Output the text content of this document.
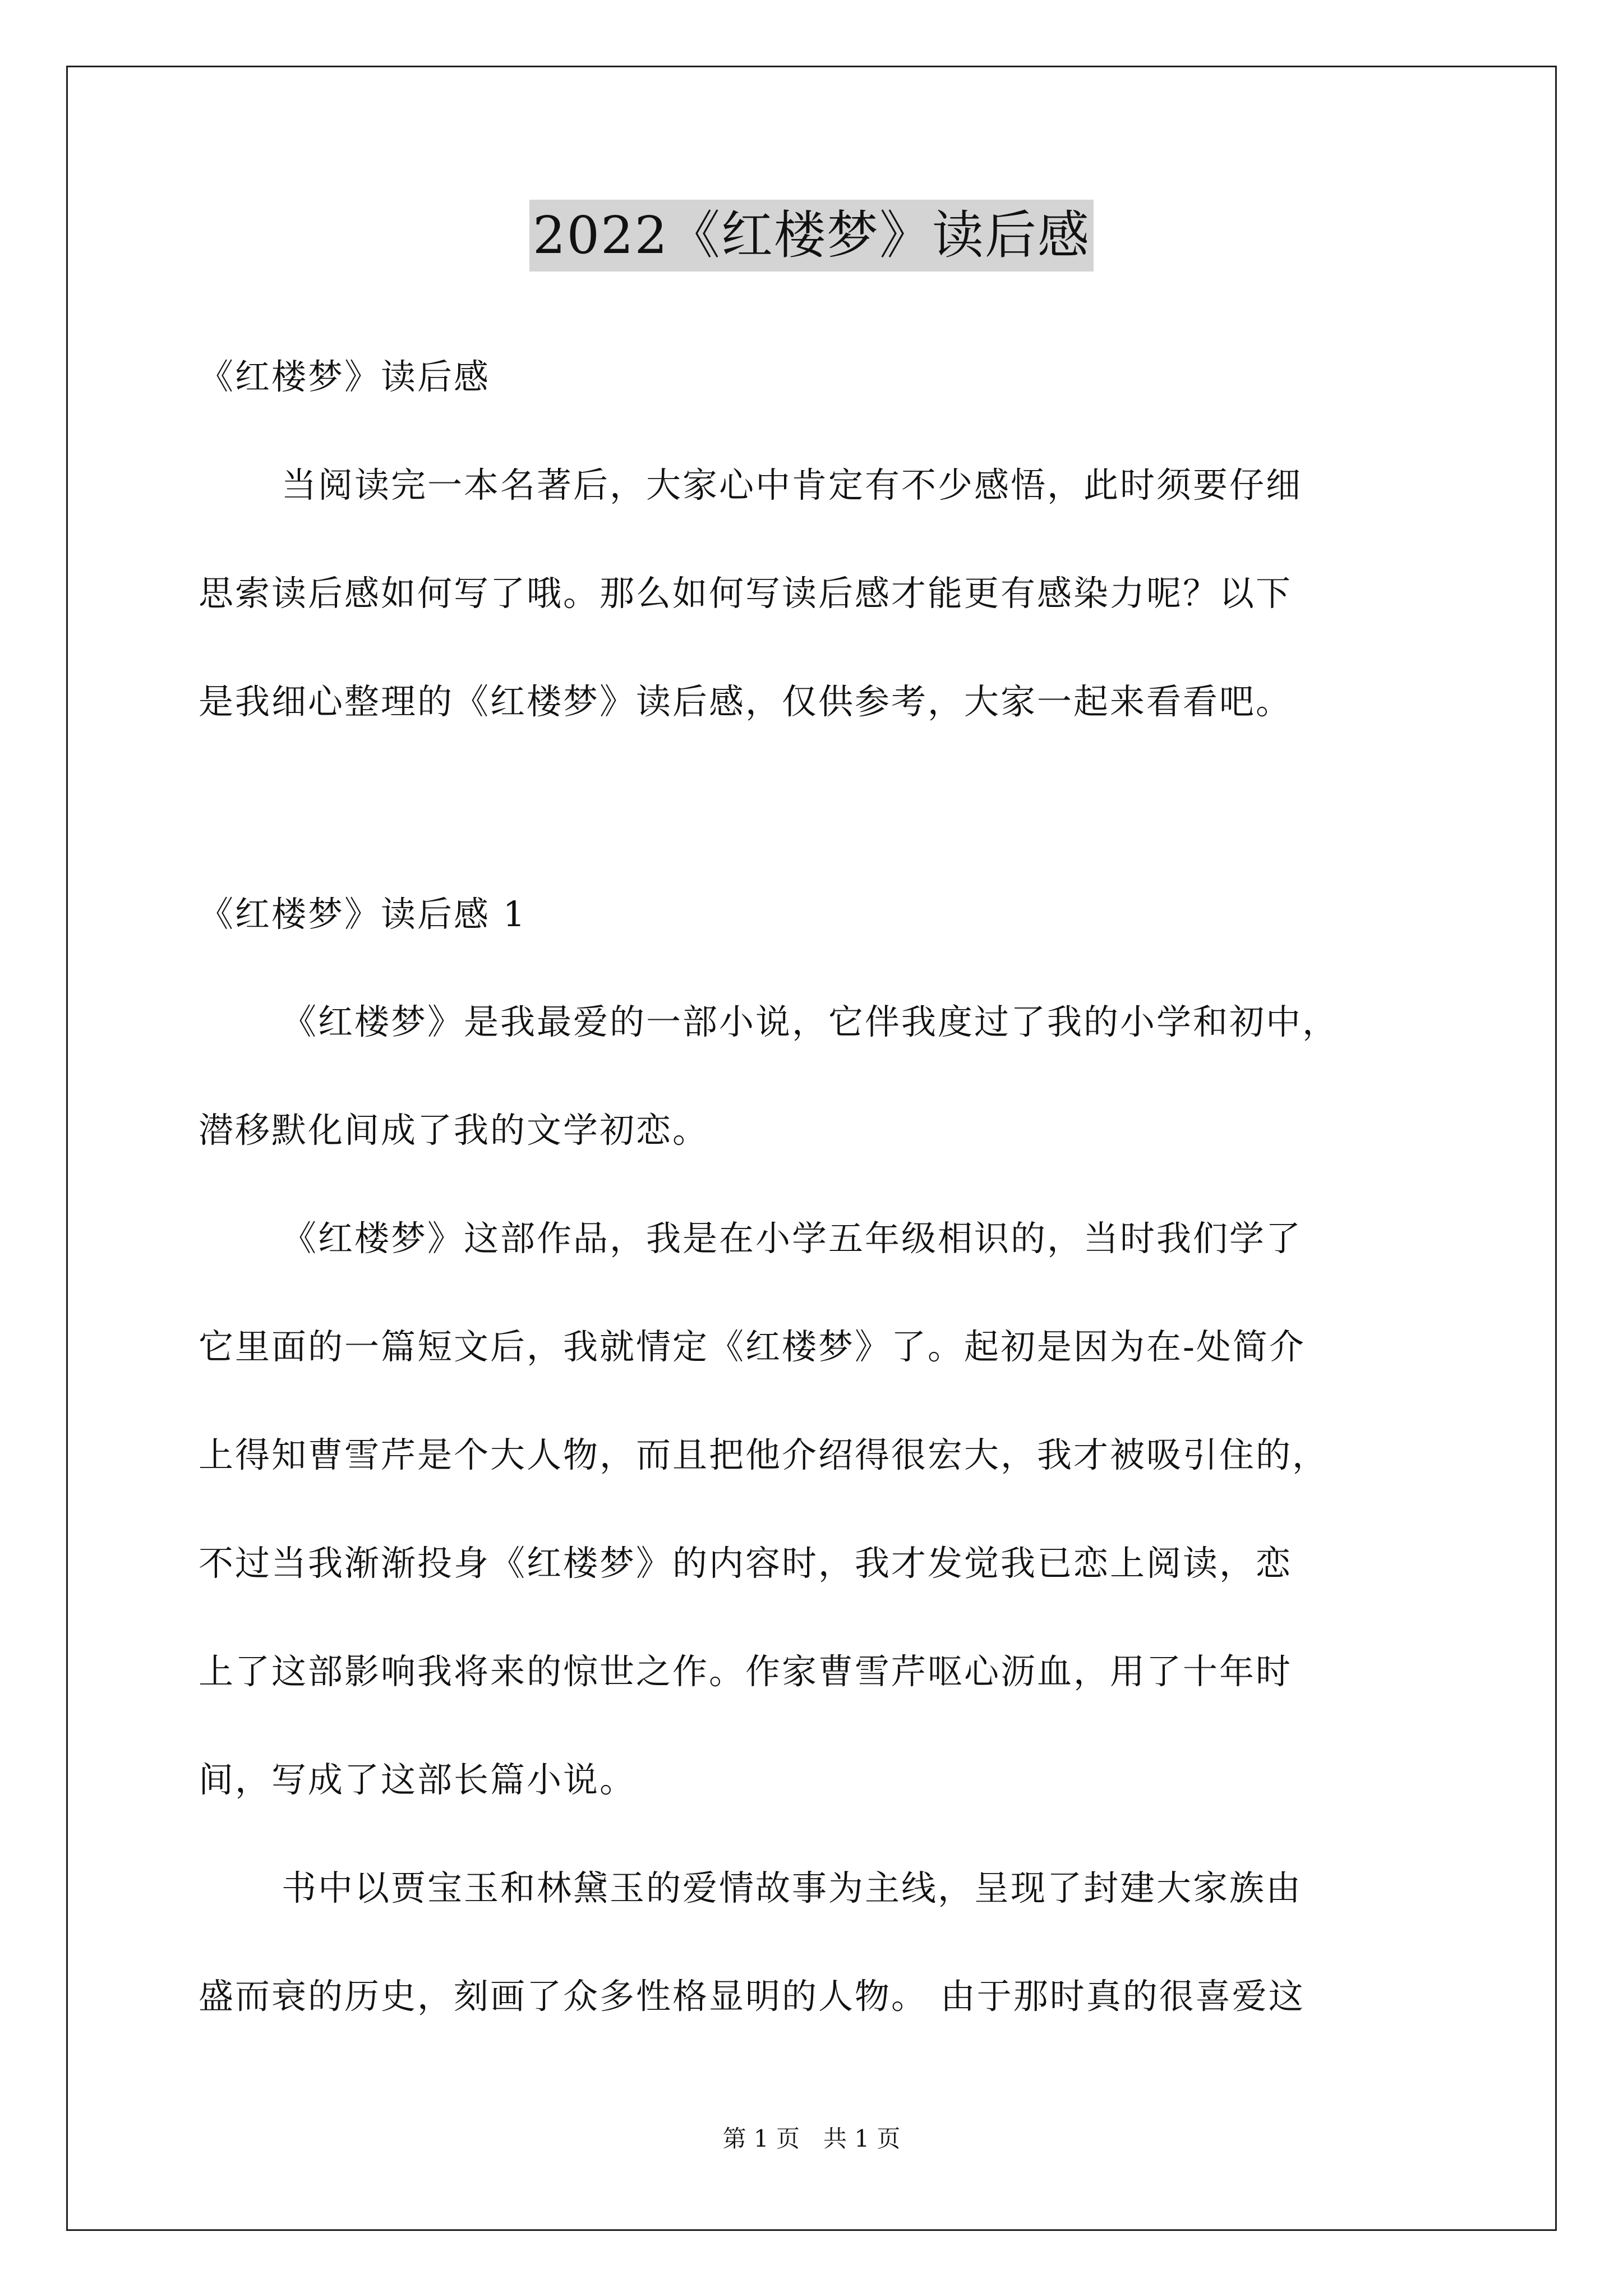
2022《红楼梦》读后感
《红楼梦》读后感
当阅读完一本名著后，大家心中肯定有不少感悟，此时须要仔细
思索读后感如何写了哦。那么如何写读后感才能更有感染力呢？以下
是我细心整理的《红楼梦》读后感，仅供参考，大家一起来看看吧。
《红楼梦》读后感 1
《红楼梦》是我最爱的一部小说，它伴我度过了我的小学和初中，
潜移默化间成了我的文学初恋。
《红楼梦》这部作品，我是在小学五年级相识的，当时我们学了
它里面的一篇短文后，我就情定《红楼梦》了。起初是因为在-处简介
上得知曹雪芹是个大人物，而且把他介绍得很宏大，我才被吸引住的，
不过当我渐渐投身《红楼梦》的内容时，我才发觉我已恋上阅读，恋
上了这部影响我将来的惊世之作。作家曹雪芹呕心沥血，用了十年时
间，写成了这部长篇小说。
书中以贾宝玉和林黛玉的爱情故事为主线，呈现了封建大家族由
盛而衰的历史，刻画了众多性格显明的人物。 由于那时真的很喜爱这
第 1 页　共 1 页
